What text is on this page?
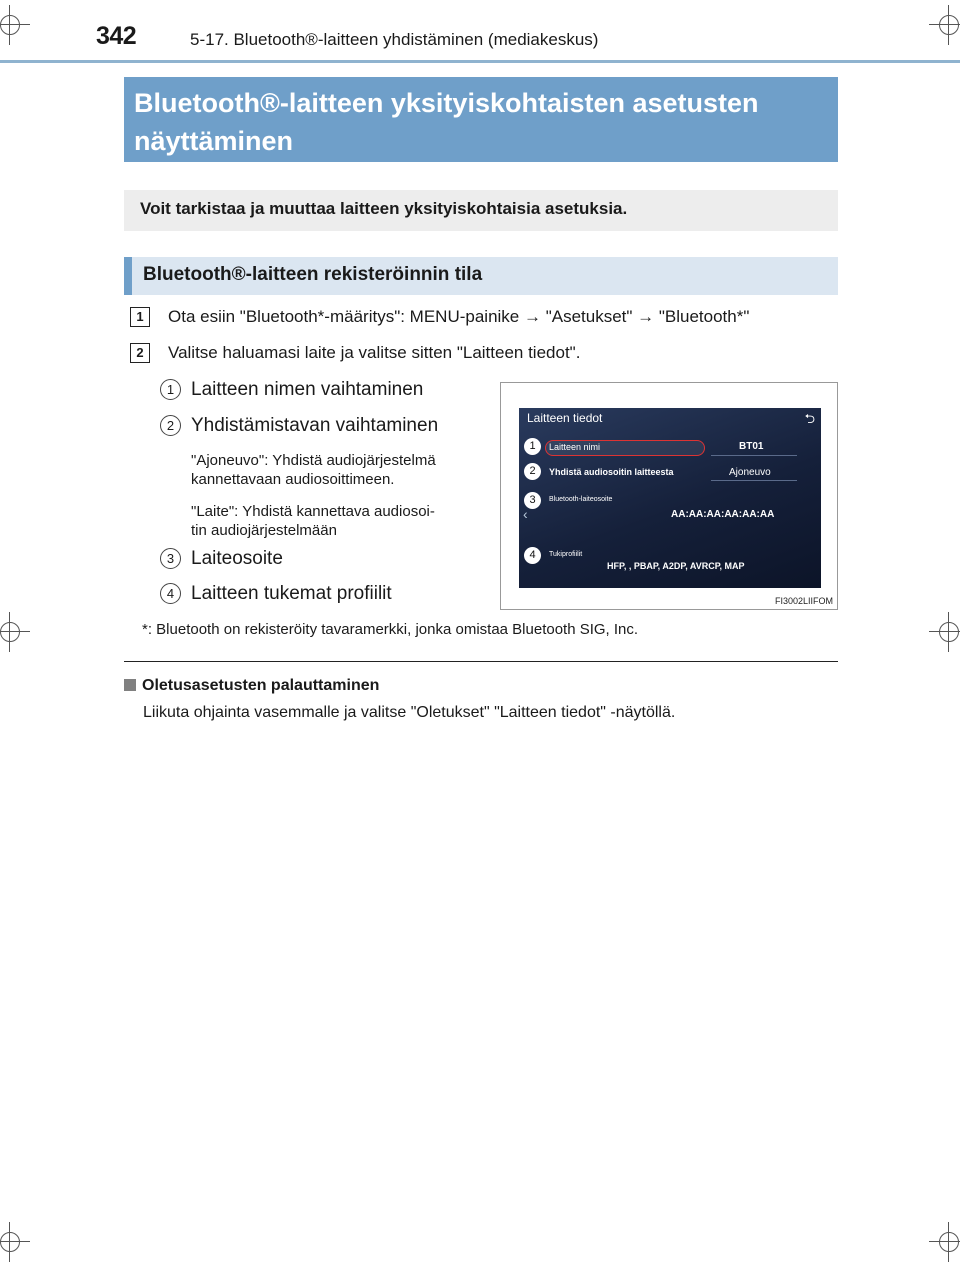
342	5-17. Bluetooth®-laitteen yhdistäminen (mediakeskus)
Bluetooth®-laitteen yksityiskohtaisten asetusten
näyttäminen
Voit tarkistaa ja muuttaa laitteen yksityiskohtaisia asetuksia.
Bluetooth®-laitteen rekisteröinnin tila
1	Ota esiin "Bluetooth*-määritys": MENU-painike → "Asetukset" → "Bluetooth*"
2	Valitse haluamasi laite ja valitse sitten "Laitteen tiedot".
1 Laitteen nimen vaihtaminen
2 Yhdistämistavan vaihtaminen
"Ajoneuvo": Yhdistä audiojärjestelmä
kannettavaan audiosoittimeen.
"Laite": Yhdistä kannettava audiosoi-
tin audiojärjestelmään
3 Laiteosoite
4 Laitteen tukemat profiilit
Laitteen tiedot	⮌
1	Laitteen nimi	BT01
2	Yhdistä audiosoitin laitteesta	Ajoneuvo
3	Bluetooth-laiteosoite
AA:AA:AA:AA:AA:AA
‹
4	Tukiprofiilit
HFP, , PBAP, A2DP, AVRCP, MAP
FI3002LIIFOM
*: Bluetooth on rekisteröity tavaramerkki, jonka omistaa Bluetooth SIG, Inc.
Oletusasetusten palauttaminen
Liikuta ohjainta vasemmalle ja valitse "Oletukset" "Laitteen tiedot" -näytöllä.
